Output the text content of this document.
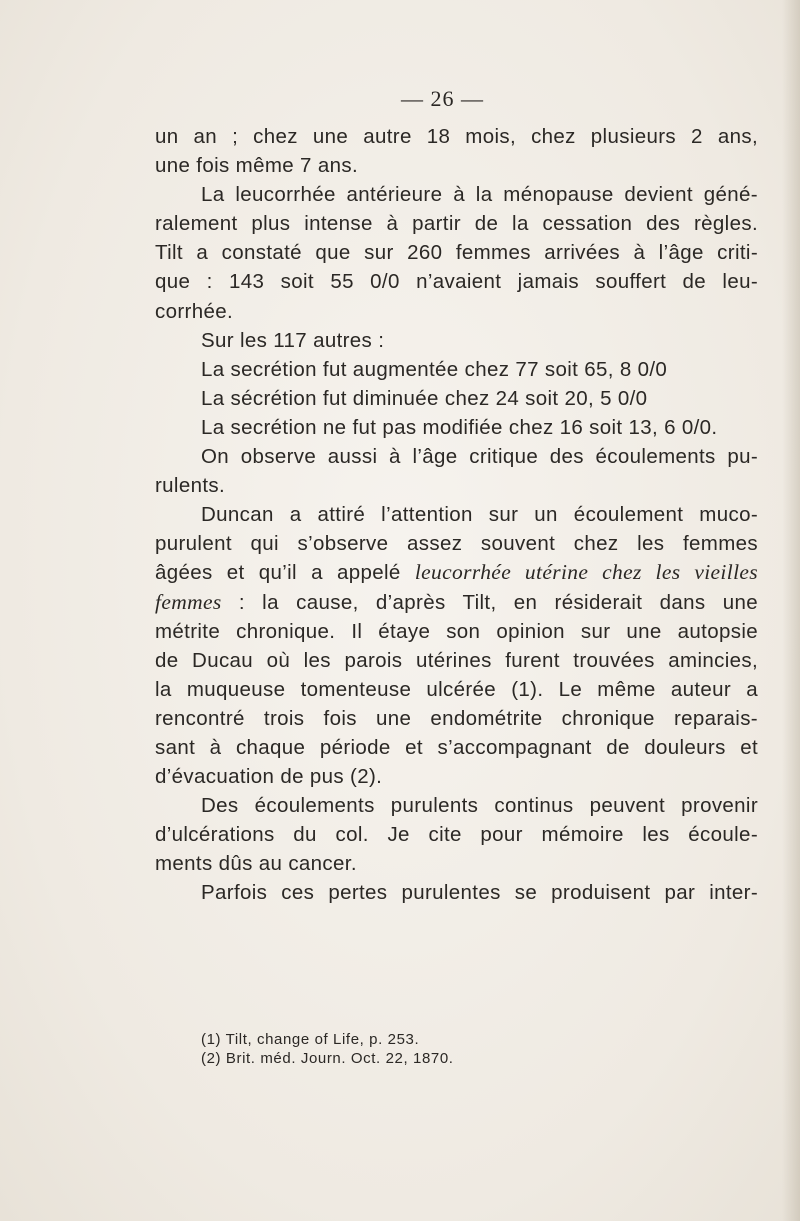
— 26 —
un an ; chez une autre 18 mois, chez plusieurs 2 ans,
une fois même 7 ans.
La leucorrhée antérieure à la ménopause devient géné-
ralement plus intense à partir de la cessation des règles.
Tilt a constaté que sur 260 femmes arrivées à l’âge criti-
que : 143 soit 55 0/0 n’avaient jamais souffert de leu-
corrhée.
Sur les 117 autres :
La secrétion fut augmentée chez 77 soit 65, 8 0/0
La sécrétion fut diminuée chez 24 soit 20, 5 0/0
La secrétion ne fut pas modifiée chez 16 soit 13, 6 0/0.
On observe aussi à l’âge critique des écoulements pu-
rulents.
Duncan a attiré l’attention sur un écoulement muco-
purulent qui s’observe assez souvent chez les femmes
âgées et qu’il a appelé leucorrhée utérine chez les vieilles
femmes : la cause, d’après Tilt, en résiderait dans une
métrite chronique. Il étaye son opinion sur une autopsie
de Ducau où les parois utérines furent trouvées amincies,
la muqueuse tomenteuse ulcérée (1). Le même auteur a
rencontré trois fois une endométrite chronique reparais-
sant à chaque période et s’accompagnant de douleurs et
d’évacuation de pus (2).
Des écoulements purulents continus peuvent provenir
d’ulcérations du col. Je cite pour mémoire les écoule-
ments dûs au cancer.
Parfois ces pertes purulentes se produisent par inter-
(1) Tilt, change of Life, p. 253.
(2) Brit. méd. Journ. Oct. 22, 1870.
